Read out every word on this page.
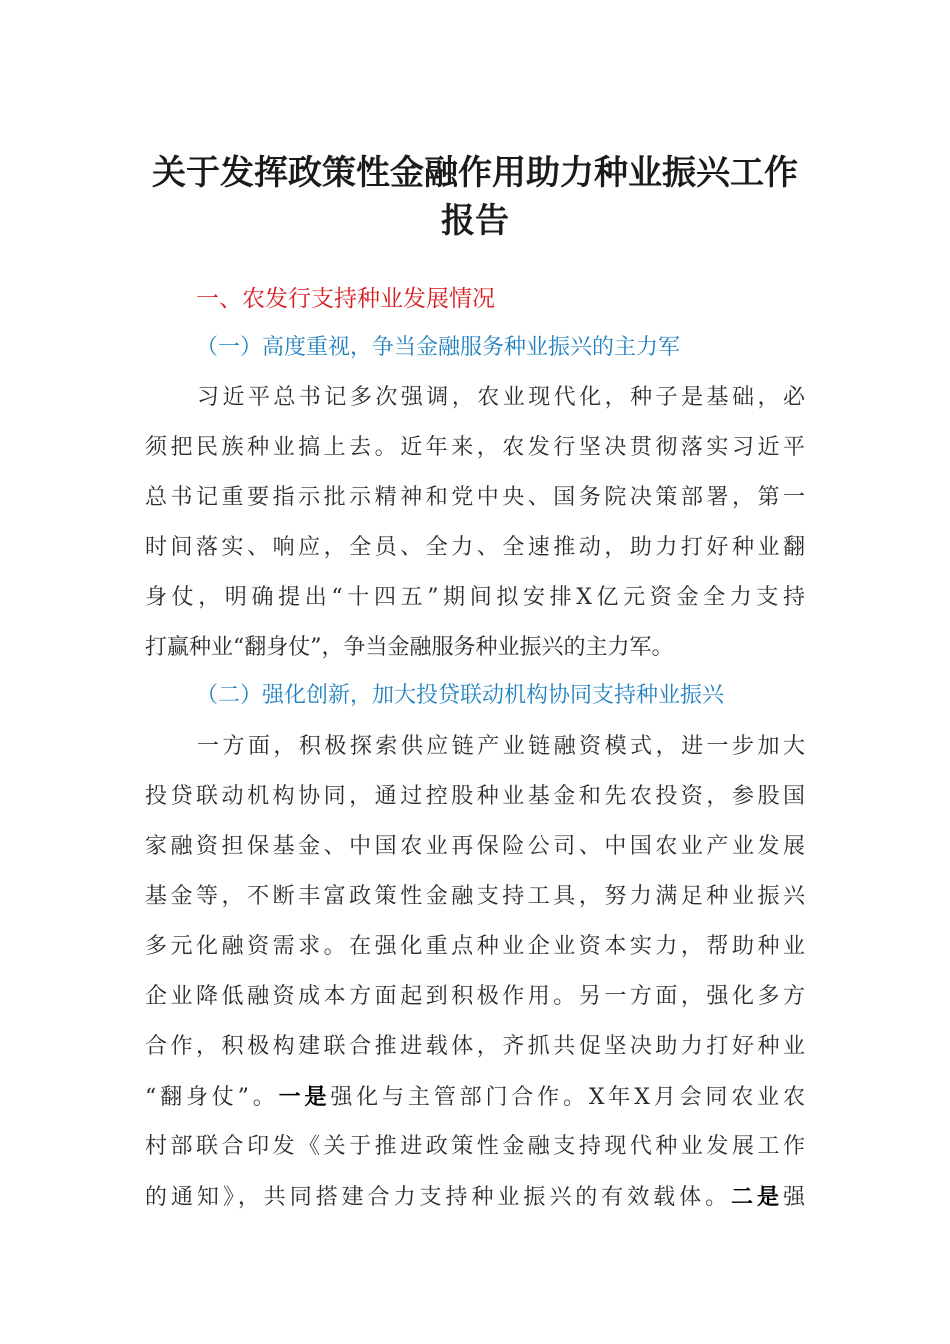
关于发挥政策性金融作用助力种业振兴工作
报告
一、农发行支持种业发展情况
（一）高度重视，争当金融服务种业振兴的主力军
习近平总书记多次强调，农业现代化，种子是基础，必
须把民族种业搞上去。近年来，农发行坚决贯彻落实习近平
总书记重要指示批示精神和党中央、国务院决策部署，第一
时间落实、响应，全员、全力、全速推动，助力打好种业翻
身仗，明确提出“十四五”期间拟安排X亿元资金全力支持
打赢种业“翻身仗”，争当金融服务种业振兴的主力军。
（二）强化创新，加大投贷联动机构协同支持种业振兴
一方面，积极探索供应链产业链融资模式，进一步加大
投贷联动机构协同，通过控股种业基金和先农投资，参股国
家融资担保基金、中国农业再保险公司、中国农业产业发展
基金等，不断丰富政策性金融支持工具，努力满足种业振兴
多元化融资需求。在强化重点种业企业资本实力，帮助种业
企业降低融资成本方面起到积极作用。另一方面，强化多方
合作，积极构建联合推进载体，齐抓共促坚决助力打好种业
“翻身仗”。一是强化与主管部门合作。X年X月会同农业农
村部联合印发《关于推进政策性金融支持现代种业发展工作
的通知》，共同搭建合力支持种业振兴的有效载体。二是强
